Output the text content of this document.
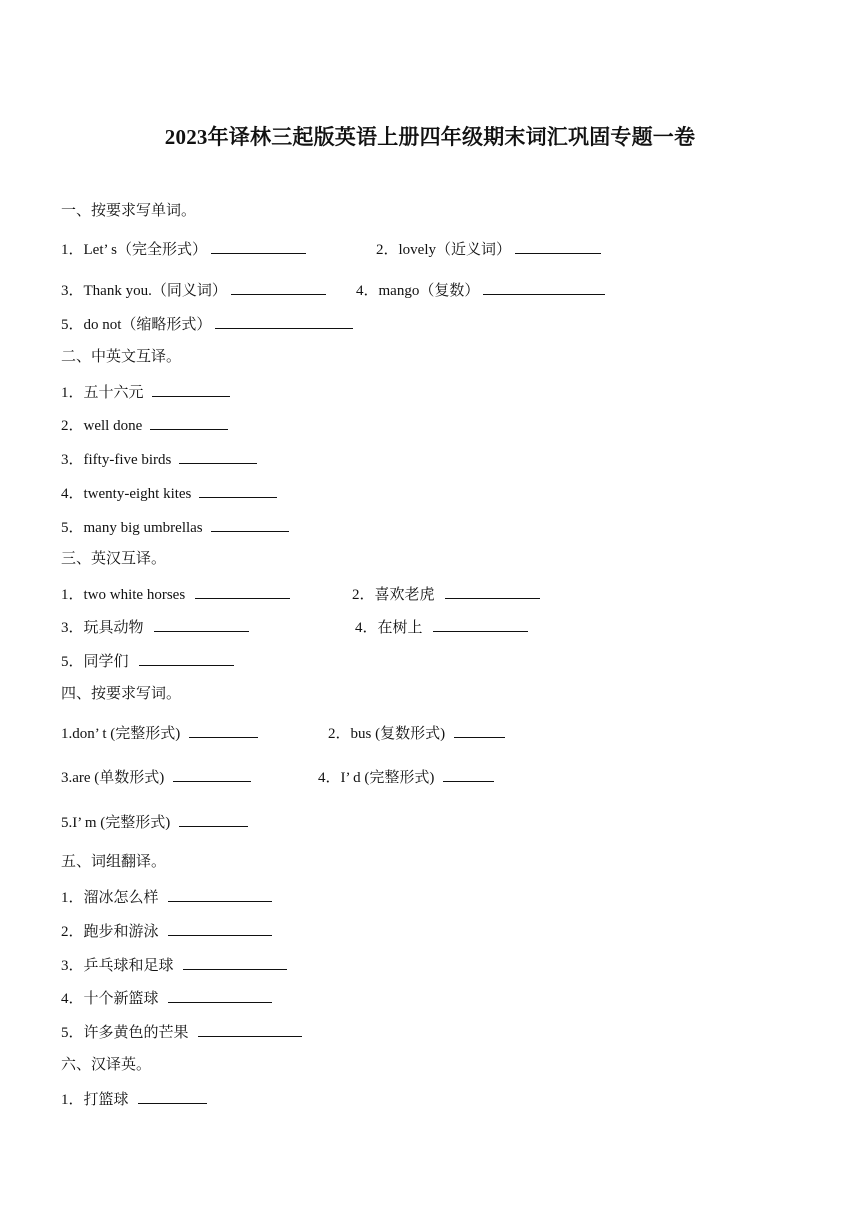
2023年译林三起版英语上册四年级期末词汇巩固专题一卷
一、按要求写单词。
1．Let’ s（完全形式）	2．lovely（近义词）
3．Thank you.（同义词）	4．mango（复数）
5．do not（缩略形式）
二、中英文互译。
1．五十六元
2．well done
3．fifty-five birds
4．twenty-eight kites
5．many big umbrellas
三、英汉互译。
1．two white horses	2．喜欢老虎
3．玩具动物	4．在树上
5．同学们
四、按要求写词。
1.don’ t (完整形式)	2．bus (复数形式)
3.are (单数形式)	4．I’ d (完整形式)
5.I’ m (完整形式)
五、词组翻译。
1．溜冰怎么样
2．跑步和游泳
3．乒乓球和足球
4．十个新篮球
5．许多黄色的芒果
六、汉译英。
1．打篮球
